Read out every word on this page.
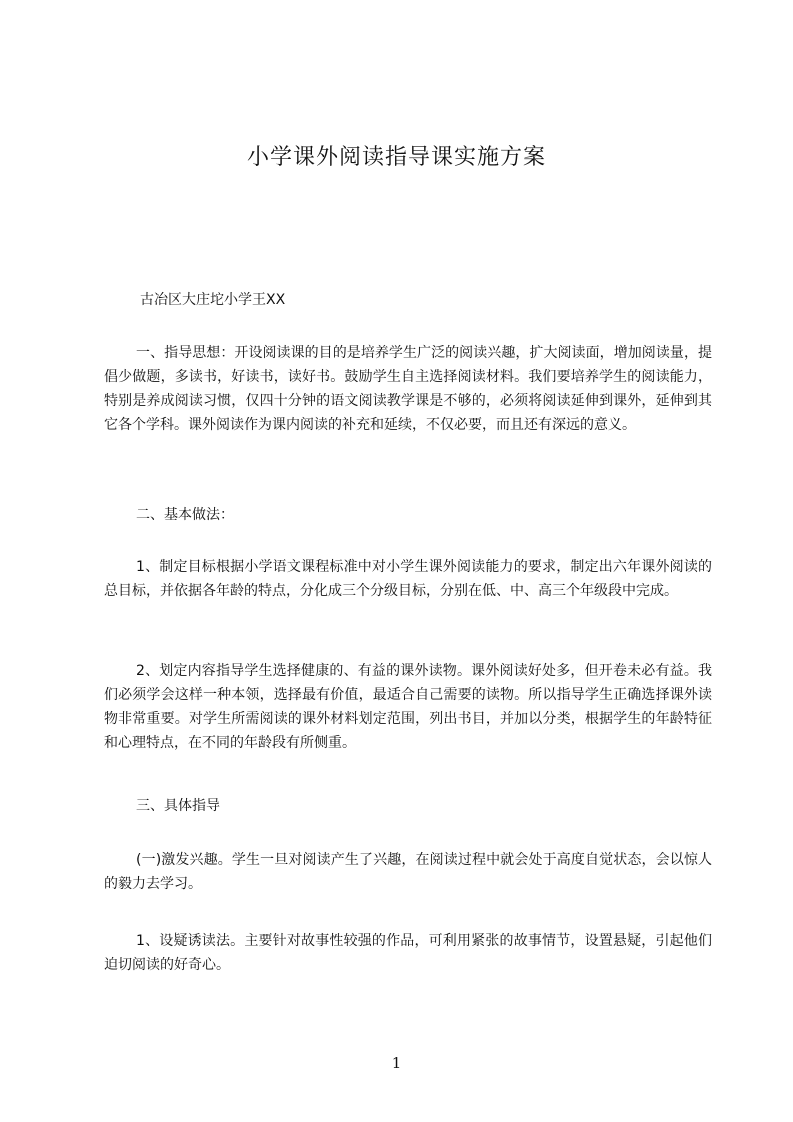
小学课外阅读指导课实施方案
古冶区大庄坨小学王XX

一、指导思想：开设阅读课的目的是培养学生广泛的阅读兴趣，扩大阅读面，增加阅读量，提倡少做题，多读书，好读书，读好书。鼓励学生自主选择阅读材料。我们要培养学生的阅读能力，特别是养成阅读习惯，仅四十分钟的语文阅读教学课是不够的，必须将阅读延伸到课外，延伸到其它各个学科。课外阅读作为课内阅读的补充和延续，不仅必要，而且还有深远的意义。

二、基本做法：

1、制定目标根据小学语文课程标准中对小学生课外阅读能力的要求，制定出六年课外阅读的总目标，并依据各年龄的特点，分化成三个分级目标，分别在低、中、高三个年级段中完成。

2、划定内容指导学生选择健康的、有益的课外读物。课外阅读好处多，但开卷未必有益。我们必须学会这样一种本领，选择最有价值，最适合自己需要的读物。所以指导学生正确选择课外读物非常重要。对学生所需阅读的课外材料划定范围，列出书目，并加以分类，根据学生的年龄特征和心理特点，在不同的年龄段有所侧重。

三、具体指导

(一)激发兴趣。学生一旦对阅读产生了兴趣，在阅读过程中就会处于高度自觉状态，会以惊人的毅力去学习。

1、设疑诱读法。主要针对故事性较强的作品，可利用紧张的故事情节，设置悬疑，引起他们迫切阅读的好奇心。

1
